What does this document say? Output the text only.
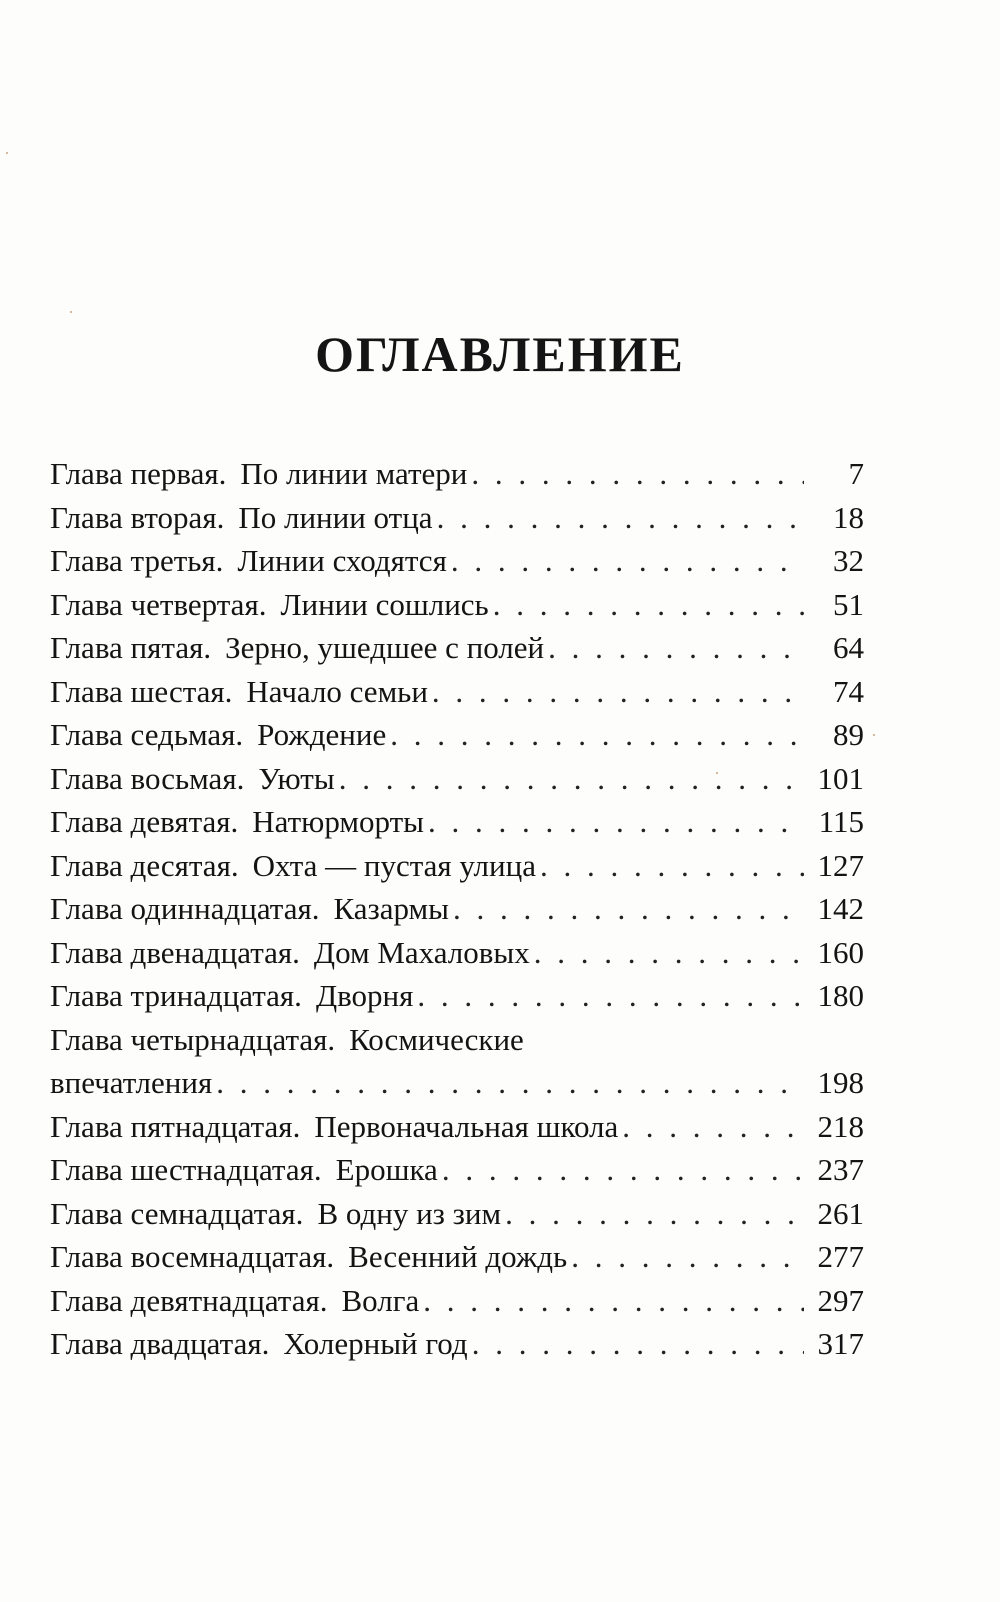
ОГЛАВЛЕНИЕ
Глава первая. По линии матери . . .	7
Глава вторая. По линии отца . . .	18
Глава третья. Линии сходятся . . .	32
Глава четвертая. Линии сошлись . . .	51
Глава пятая. Зерно, ушедшее с полей . . .	64
Глава шестая. Начало семьи . . .	74
Глава седьмая. Рождение . . .	89
Глава восьмая. Уюты . . .	101
Глава девятая. Натюрморты . . .	115
Глава десятая. Охта — пустая улица . . .	127
Глава одиннадцатая. Казармы . . .	142
Глава двенадцатая. Дом Махаловых . . .	160
Глава тринадцатая. Дворня . . .	180
Глава четырнадцатая. Космические
впечатления . . .	198
Глава пятнадцатая. Первоначальная школа . . .	218
Глава шестнадцатая. Ерошка . . .	237
Глава семнадцатая. В одну из зим . . .	261
Глава восемнадцатая. Весенний дождь . . .	277
Глава девятнадцатая. Волга . . .	297
Глава двадцатая. Холерный год . . .	317
